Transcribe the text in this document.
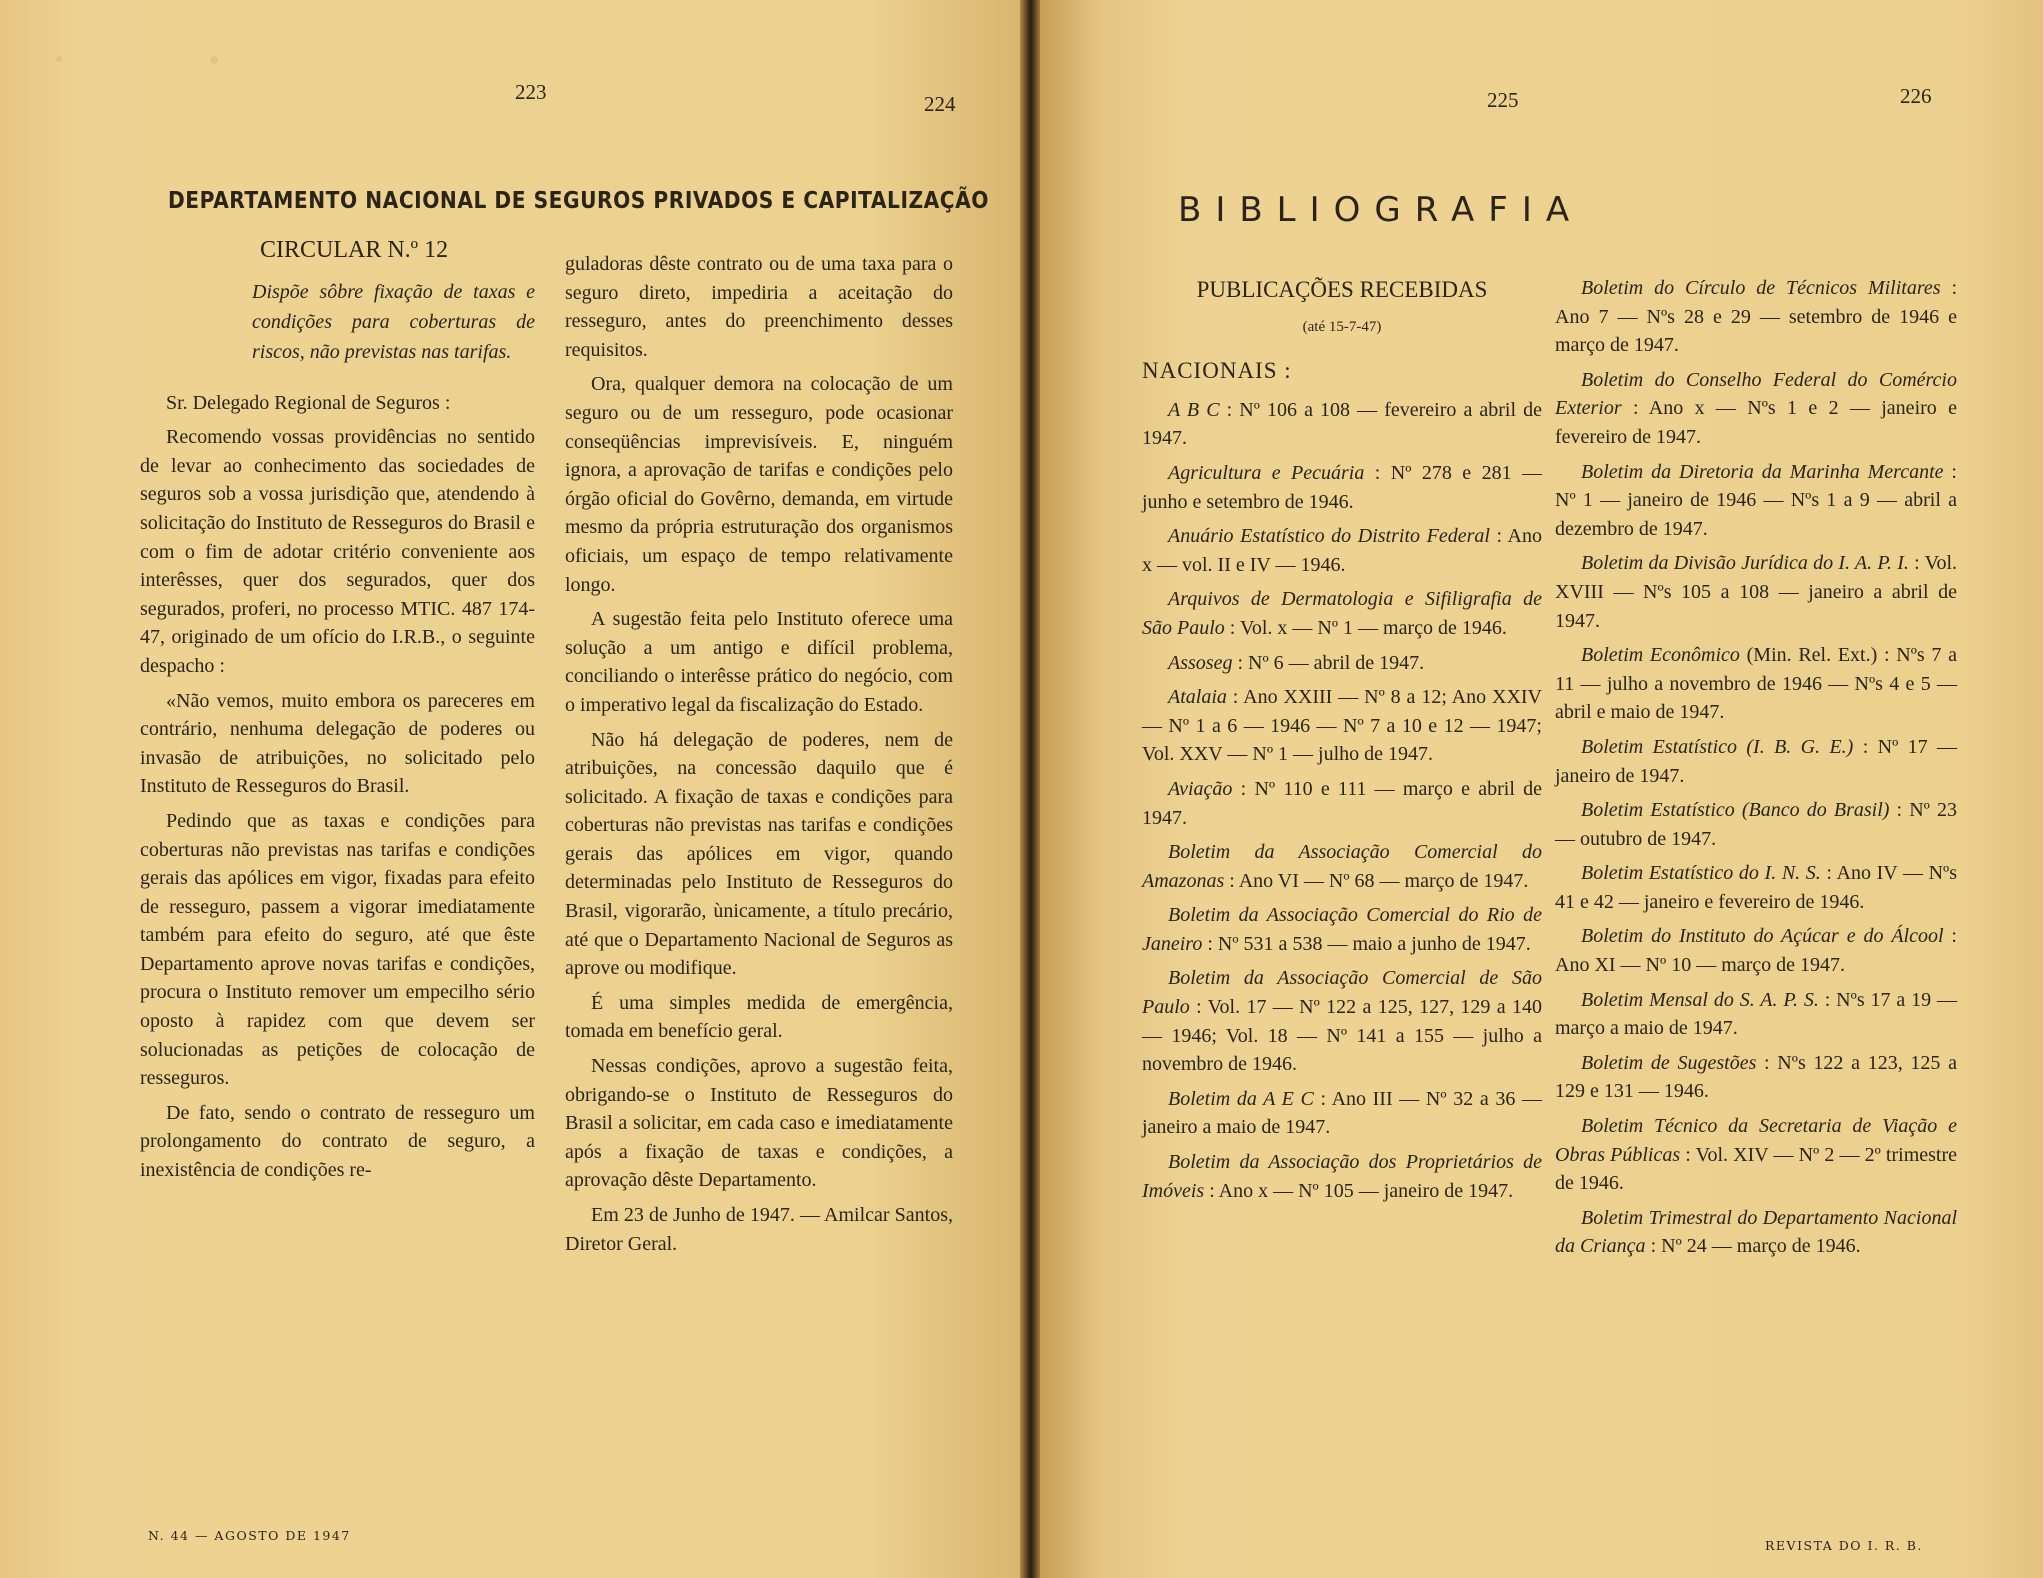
223	224
DEPARTAMENTO NACIONAL DE SEGUROS PRIVADOS E CAPITALIZAÇÃO
CIRCULAR N.º 12
Dispõe sôbre fixação de taxas e condições para coberturas de riscos, não previstas nas tarifas.

Sr. Delegado Regional de Seguros :

Recomendo vossas providências no sentido de levar ao conhecimento das sociedades de seguros sob a vossa jurisdição que, atendendo à solicitação do Instituto de Resseguros do Brasil e com o fim de adotar critério conveniente aos interêsses, quer dos segurados, quer dos segurados, proferi, no processo MTIC. 487 174-47, originado de um ofício do I.R.B., o seguinte despacho :

«Não vemos, muito embora os pareceres em contrário, nenhuma delegação de poderes ou invasão de atribuições, no solicitado pelo Instituto de Resseguros do Brasil.

Pedindo que as taxas e condições para coberturas não previstas nas tarifas e condições gerais das apólices em vigor, fixadas para efeito de resseguro, passem a vigorar imediatamente também para efeito do seguro, até que êste Departamento aprove novas tarifas e condições, procura o Instituto remover um empecilho sério oposto à rapidez com que devem ser solucionadas as petições de colocação de resseguros.

De fato, sendo o contrato de resseguro um prolongamento do contrato de seguro, a inexistência de condições re-

guladoras dêste contrato ou de uma taxa para o seguro direto, impediria a aceitação do resseguro, antes do preenchimento desses requisitos.

Ora, qualquer demora na colocação de um seguro ou de um resseguro, pode ocasionar conseqüências imprevisíveis. E, ninguém ignora, a aprovação de tarifas e condições pelo órgão oficial do Govêrno, demanda, em virtude mesmo da própria estruturação dos organismos oficiais, um espaço de tempo relativamente longo.

A sugestão feita pelo Instituto oferece uma solução a um antigo e difícil problema, conciliando o interêsse prático do negócio, com o imperativo legal da fiscalização do Estado.

Não há delegação de poderes, nem de atribuições, na concessão daquilo que é solicitado. A fixação de taxas e condições para coberturas não previstas nas tarifas e condições gerais das apólices em vigor, quando determinadas pelo Instituto de Resseguros do Brasil, vigorarão, ùnicamente, a título precário, até que o Departamento Nacional de Seguros as aprove ou modifique.

É uma simples medida de emergência, tomada em benefício geral.

Nessas condições, aprovo a sugestão feita, obrigando-se o Instituto de Resseguros do Brasil a solicitar, em cada caso e imediatamente após a fixação de taxas e condições, a aprovação dêste Departamento.

Em 23 de Junho de 1947. — Amilcar Santos, Diretor Geral.

N. 44 — AGOSTO DE 1947
225	226
BIBLIOGRAFIA
PUBLICAÇÕES RECEBIDAS
(até 15-7-47)
NACIONAIS :

A B C : Nº 106 a 108 — fevereiro a abril de 1947.

Agricultura e Pecuária : Nº 278 e 281 — junho e setembro de 1946.

Anuário Estatístico do Distrito Federal : Ano x — vol. II e IV — 1946.

Arquivos de Dermatologia e Sifiligrafia de São Paulo : Vol. x — Nº 1 — março de 1946.

Assoseg : Nº 6 — abril de 1947.

Atalaia : Ano XXIII — Nº 8 a 12; Ano XXIV — Nº 1 a 6 — 1946 — Nº 7 a 10 e 12 — 1947; Vol. XXV — Nº 1 — julho de 1947.

Aviação : Nº 110 e 111 — março e abril de 1947.

Boletim da Associação Comercial do Amazonas : Ano VI — Nº 68 — março de 1947.

Boletim da Associação Comercial do Rio de Janeiro : Nº 531 a 538 — maio a junho de 1947.

Boletim da Associação Comercial de São Paulo : Vol. 17 — Nº 122 a 125, 127, 129 a 140 — 1946; Vol. 18 — Nº 141 a 155 — julho a novembro de 1946.

Boletim da A E C : Ano III — Nº 32 a 36 — janeiro a maio de 1947.

Boletim da Associação dos Proprietários de Imóveis : Ano x — Nº 105 — janeiro de 1947.

Boletim do Círculo de Técnicos Militares : Ano 7 — Nºs 28 e 29 — setembro de 1946 e março de 1947.

Boletim do Conselho Federal do Comércio Exterior : Ano x — Nºs 1 e 2 — janeiro e fevereiro de 1947.

Boletim da Diretoria da Marinha Mercante : Nº 1 — janeiro de 1946 — Nºs 1 a 9 — abril a dezembro de 1947.

Boletim da Divisão Jurídica do I. A. P. I. : Vol. XVIII — Nºs 105 a 108 — janeiro a abril de 1947.

Boletim Econômico (Min. Rel. Ext.) : Nºs 7 a 11 — julho a novembro de 1946 — Nºs 4 e 5 — abril e maio de 1947.

Boletim Estatístico (I. B. G. E.) : Nº 17 — janeiro de 1947.

Boletim Estatístico (Banco do Brasil) : Nº 23 — outubro de 1947.

Boletim Estatístico do I. N. S. : Ano IV — Nºs 41 e 42 — janeiro e fevereiro de 1946.

Boletim do Instituto do Açúcar e do Álcool : Ano XI — Nº 10 — março de 1947.

Boletim Mensal do S. A. P. S. : Nºs 17 a 19 — março a maio de 1947.

Boletim de Sugestões : Nºs 122 a 123, 125 a 129 e 131 — 1946.

Boletim Técnico da Secretaria de Viação e Obras Públicas : Vol. XIV — Nº 2 — 2º trimestre de 1946.

Boletim Trimestral do Departamento Nacional da Criança : Nº 24 — março de 1946.

REVISTA DO I. R. B.
